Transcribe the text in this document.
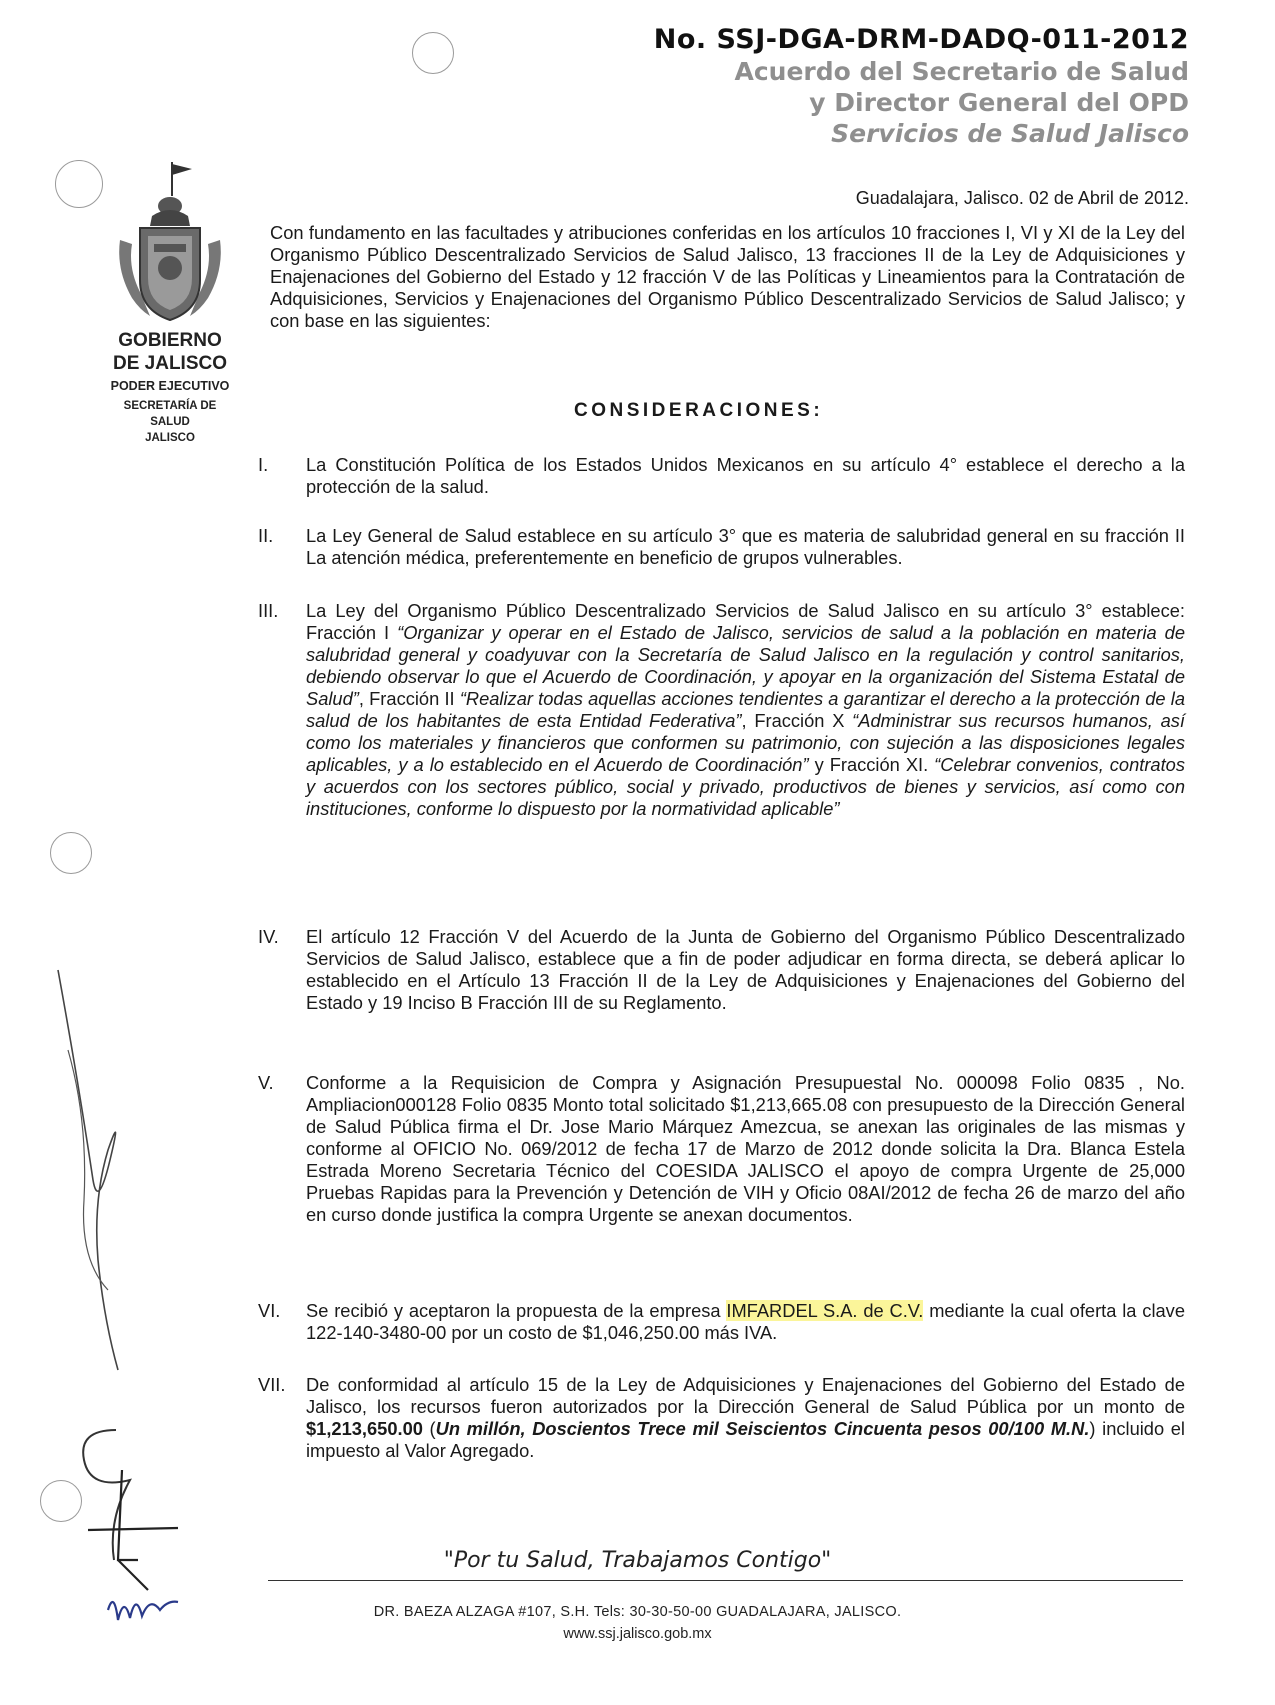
No. SSJ-DGA-DRM-DADQ-011-2012
Acuerdo del Secretario de Salud
y Director General del OPD
Servicios de Salud Jalisco
GOBIERNO
DE JALISCO
PODER EJECUTIVO
SECRETARÍA DE
SALUD
JALISCO
Guadalajara, Jalisco. 02 de Abril de 2012.
Con fundamento en las facultades y atribuciones conferidas en los artículos 10 fracciones I, VI y XI de la Ley del Organismo Público Descentralizado Servicios de Salud Jalisco, 13 fracciones II de la Ley de Adquisiciones y Enajenaciones del Gobierno del Estado y 12 fracción V de las Políticas y Lineamientos para la Contratación de Adquisiciones, Servicios y Enajenaciones del Organismo Público Descentralizado Servicios de Salud Jalisco; y con base en las siguientes:
CONSIDERACIONES:
I.	La Constitución Política de los Estados Unidos Mexicanos en su artículo 4° establece el derecho a la protección de la salud.
II.	La Ley General de Salud establece en su artículo 3° que es materia de salubridad general en su fracción II La atención médica, preferentemente en beneficio de grupos vulnerables.
III.	La Ley del Organismo Público Descentralizado Servicios de Salud Jalisco en su artículo 3° establece: Fracción I “Organizar y operar en el Estado de Jalisco, servicios de salud a la población en materia de salubridad general y coadyuvar con la Secretaría de Salud Jalisco en la regulación y control sanitarios, debiendo observar lo que el Acuerdo de Coordinación, y apoyar en la organización del Sistema Estatal de Salud”, Fracción II “Realizar todas aquellas acciones tendientes a garantizar el derecho a la protección de la salud de los habitantes de esta Entidad Federativa”, Fracción X “Administrar sus recursos humanos, así como los materiales y financieros que conformen su patrimonio, con sujeción a las disposiciones legales aplicables, y a lo establecido en el Acuerdo de Coordinación” y Fracción XI. “Celebrar convenios, contratos y acuerdos con los sectores público, social y privado, productivos de bienes y servicios, así como con instituciones, conforme lo dispuesto por la normatividad aplicable”
IV.	El artículo 12 Fracción V del Acuerdo de la Junta de Gobierno del Organismo Público Descentralizado Servicios de Salud Jalisco, establece que a fin de poder adjudicar en forma directa, se deberá aplicar lo establecido en el Artículo 13 Fracción II de la Ley de Adquisiciones y Enajenaciones del Gobierno del Estado y 19 Inciso B Fracción III de su Reglamento.
V.	Conforme a la Requisicion de Compra y Asignación Presupuestal No. 000098 Folio 0835 , No. Ampliacion000128 Folio 0835 Monto total solicitado $1,213,665.08 con presupuesto de la Dirección General de Salud Pública firma el Dr. Jose Mario Márquez Amezcua, se anexan las originales de las mismas y conforme al OFICIO No. 069/2012 de fecha 17 de Marzo de 2012 donde solicita la Dra. Blanca Estela Estrada Moreno Secretaria Técnico del COESIDA JALISCO el apoyo de compra Urgente de 25,000 Pruebas Rapidas para la Prevención y Detención de VIH y Oficio 08AI/2012 de fecha 26 de marzo del año en curso donde justifica la compra Urgente se anexan documentos.
VI.	Se recibió y aceptaron la propuesta de la empresa IMFARDEL S.A. de C.V. mediante la cual oferta la clave 122-140-3480-00 por un costo de $1,046,250.00 más IVA.
VII.	De conformidad al artículo 15 de la Ley de Adquisiciones y Enajenaciones del Gobierno del Estado de Jalisco, los recursos fueron autorizados por la Dirección General de Salud Pública por un monto de $1,213,650.00 (Un millón, Doscientos Trece mil Seiscientos Cincuenta pesos 00/100 M.N.) incluido el impuesto al Valor Agregado.
"Por tu Salud, Trabajamos Contigo"
DR. BAEZA ALZAGA #107, S.H. Tels: 30-30-50-00 GUADALAJARA, JALISCO.
www.ssj.jalisco.gob.mx
